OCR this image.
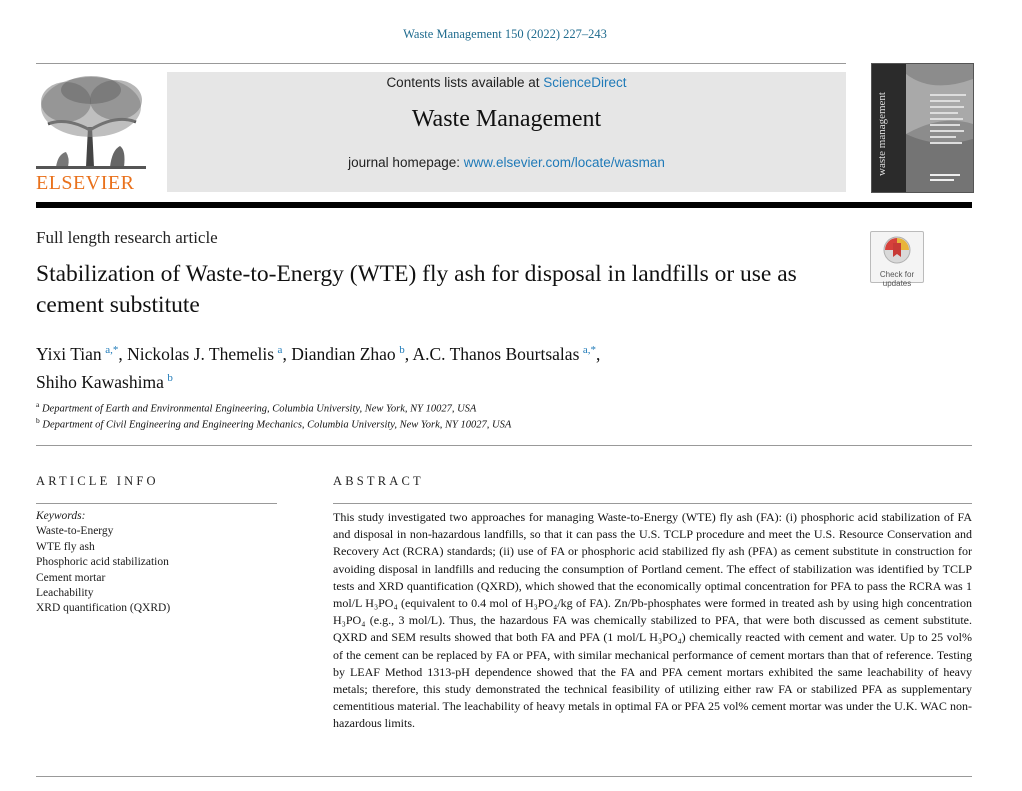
Waste Management 150 (2022) 227–243
ELSEVIER
Contents lists available at ScienceDirect
Waste Management
journal homepage: www.elsevier.com/locate/wasman	waste management
Full length research article
Check for
updates
Stabilization of Waste-to-Energy (WTE) fly ash for disposal in landfills or use as cement substitute
Yixi Tian  $^{a,*}$, Nickolas J. Themelis  $^a$, Diandian Zhao  $^b$, A.C. Thanos Bourtsalas  $^{a,*}$,
Shiho Kawashima  $^b$
$^a$ Department of Earth and Environmental Engineering, Columbia University, New York, NY 10027, USA
$^b$ Department of Civil Engineering and Engineering Mechanics, Columbia University, New York, NY 10027, USA
ARTICLE INFO
Keywords:
Waste-to-Energy
WTE fly ash
Phosphoric acid stabilization
Cement mortar
Leachability
XRD quantification (QXRD)
ABSTRACT
This study investigated two approaches for managing Waste-to-Energy (WTE) fly ash (FA): (i) phosphoric acid stabilization of FA and disposal in non-hazardous landfills, so that it can pass the U.S. TCLP procedure and meet the U.S. Resource Conservation and Recovery Act (RCRA) standards; (ii) use of FA or phosphoric acid stabilized fly ash (PFA) as cement substitute in construction for avoiding disposal in landfills and reducing the consumption of Portland cement. The effect of stabilization was identified by TCLP tests and XRD quantification (QXRD), which showed that the economically optimal concentration for PFA to pass the RCRA was 1 mol/L H₃PO₄ (equivalent to 0.4 mol of H₃PO₄/kg of FA). Zn/Pb-phosphates were formed in treated ash by using high concentration H₃PO₄ (e.g., 3 mol/L). Thus, the hazardous FA was chemically stabilized to PFA, that were both discussed as cement substitute. QXRD and SEM results showed that both FA and PFA (1 mol/L H₃PO₄) chemically reacted with cement and water. Up to 25 vol% of the cement can be replaced by FA or PFA, with similar mechanical performance of cement mortars than that of reference. Testing by LEAF Method 1313-pH dependence showed that the FA and PFA cement mortars exhibited the same leachability of heavy metals; therefore, this study demonstrated the technical feasibility of utilizing either raw FA or stabilized PFA as supplementary cementitious material. The leachability of heavy metals in optimal FA or PFA 25 vol% cement mortar was under the U.K. WAC non-hazardous limits.
